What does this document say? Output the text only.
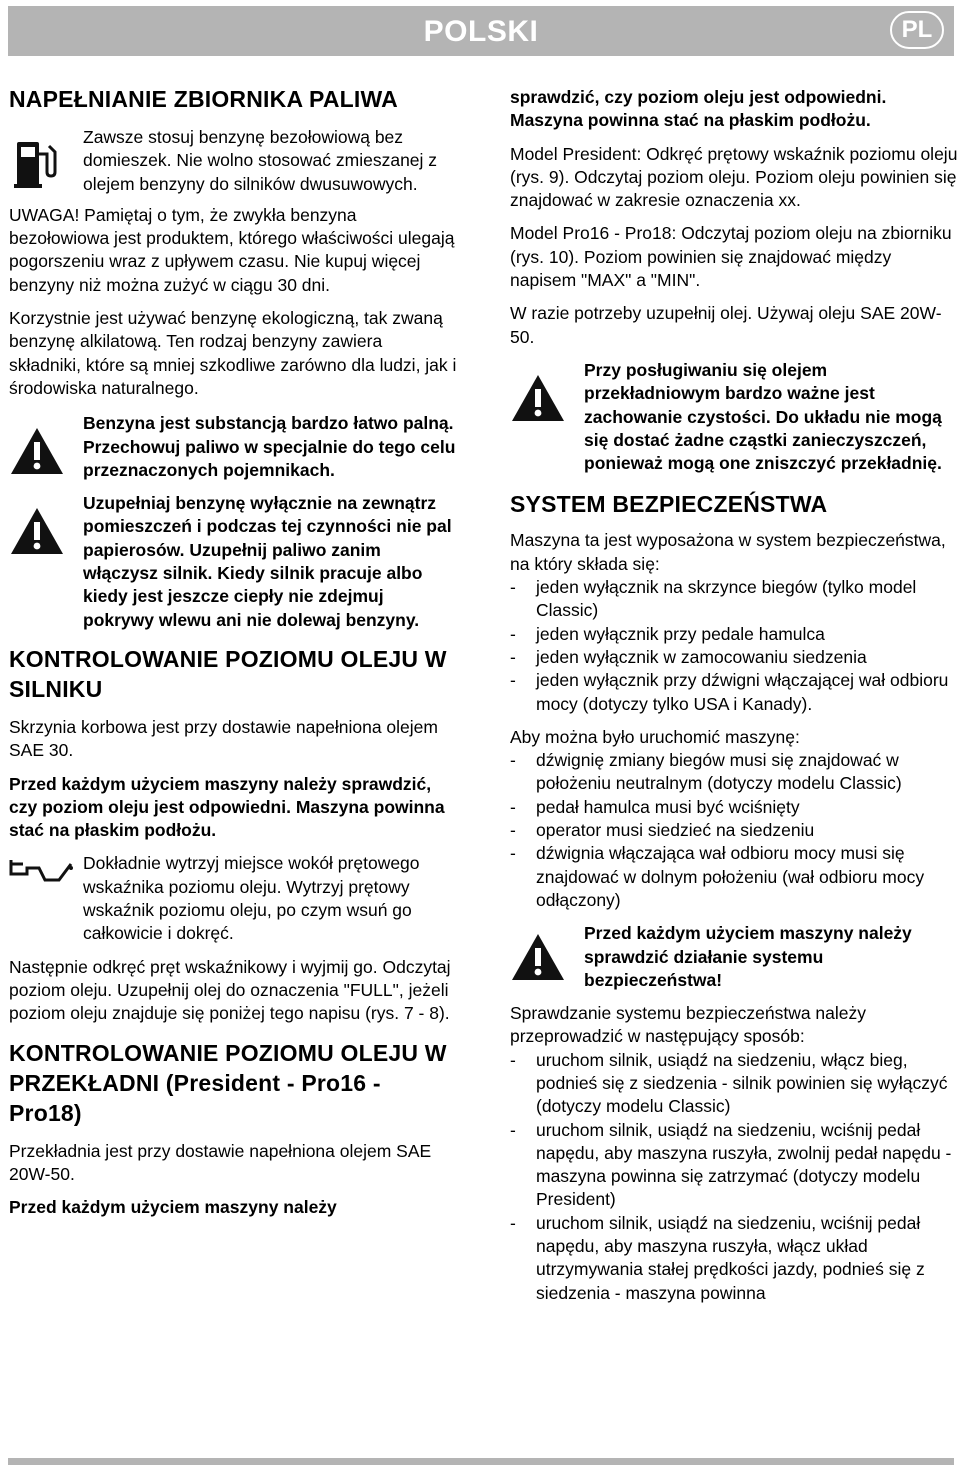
POLSKI	PL
NAPEŁNIANIE ZBIORNIKA PALIWA

Zawsze stosuj benzynę bezołowiową bez domieszek. Nie wolno stosować zmieszanej z olejem benzyny do silników dwusuwowych.

UWAGA! Pamiętaj o tym, że zwykła benzyna bezołowiowa jest produktem, którego właściwości ulegają pogorszeniu wraz z upływem czasu. Nie kupuj więcej benzyny niż można zużyć w ciągu 30 dni.

Korzystnie jest używać benzynę ekologiczną, tak zwaną benzynę alkilatową. Ten rodzaj benzyny zawiera składniki, które są mniej szkodliwe zarówno dla ludzi, jak i środowiska naturalnego.

Benzyna jest substancją bardzo łatwo palną. Przechowuj paliwo w specjalnie do tego celu przeznaczonych pojemnikach.

Uzupełniaj benzynę wyłącznie na zewnątrz pomieszczeń i podczas tej czynności nie pal papierosów. Uzupełnij paliwo zanim włączysz silnik. Kiedy silnik pracuje albo kiedy jest jeszcze ciepły nie zdejmuj pokrywy wlewu ani nie dolewaj benzyny.

KONTROLOWANIE POZIOMU OLEJU W SILNIKU

Skrzynia korbowa jest przy dostawie napełniona olejem SAE 30.

Przed każdym użyciem maszyny należy sprawdzić, czy poziom oleju jest odpowiedni. Maszyna powinna stać na płaskim podłożu.

Dokładnie wytrzyj miejsce wokół prętowego wskaźnika poziomu oleju. Wytrzyj prętowy wskaźnik poziomu oleju, po czym wsuń go całkowicie i dokręć.

Następnie odkręć pręt wskaźnikowy i wyjmij go. Odczytaj poziom oleju. Uzupełnij olej do oznaczenia "FULL", jeżeli poziom oleju znajduje się poniżej tego napisu (rys. 7 - 8).

KONTROLOWANIE POZIOMU OLEJU W PRZEKŁADNI (President - Pro16 - Pro18)

Przekładnia jest przy dostawie napełniona olejem SAE 20W-50.

Przed każdym użyciem maszyny należy

sprawdzić, czy poziom oleju jest odpowiedni. Maszyna powinna stać na płaskim podłożu.

Model President: Odkręć prętowy wskaźnik poziomu oleju (rys. 9). Odczytaj poziom oleju. Poziom oleju powinien się znajdować w zakresie oznaczenia xx.

Model Pro16 - Pro18: Odczytaj poziom oleju na zbiorniku (rys. 10). Poziom powinien się znajdować między napisem "MAX" a "MIN".

W razie potrzeby uzupełnij olej. Używaj oleju SAE 20W-50.

Przy posługiwaniu się olejem przekładniowym bardzo ważne jest zachowanie czystości. Do układu nie mogą się dostać żadne cząstki zanieczyszczeń, ponieważ mogą one zniszczyć przekładnię.

SYSTEM BEZPIECZEŃSTWA

Maszyna ta jest wyposażona w system bezpieczeństwa, na który składa się:

- jeden wyłącznik na skrzynce biegów (tylko model Classic)
- jeden wyłącznik przy pedale hamulca
- jeden wyłącznik w zamocowaniu siedzenia
- jeden wyłącznik przy dźwigni włączającej wał odbioru mocy (dotyczy tylko USA i Kanady).

Aby można było uruchomić maszynę:

- dźwignię zmiany biegów musi się znajdować w położeniu neutralnym (dotyczy modelu Classic)
- pedał hamulca musi być wciśnięty
- operator musi siedzieć na siedzeniu
- dźwignia włączająca wał odbioru mocy musi się znajdować w dolnym położeniu (wał odbioru mocy odłączony)

Przed każdym użyciem maszyny należy sprawdzić działanie systemu bezpieczeństwa!

Sprawdzanie systemu bezpieczeństwa należy przeprowadzić w następujący sposób:

- uruchom silnik, usiądź na siedzeniu, włącz bieg, podnieś się z siedzenia - silnik powinien się wyłączyć (dotyczy modelu Classic)
- uruchom silnik, usiądź na siedzeniu, wciśnij pedał napędu, aby maszyna ruszyła, zwolnij pedał napędu - maszyna powinna się zatrzymać (dotyczy modelu President)
- uruchom silnik, usiądź na siedzeniu, wciśnij pedał napędu, aby maszyna ruszyła, włącz układ utrzymywania stałej prędkości jazdy, podnieś się z siedzenia - maszyna powinna
